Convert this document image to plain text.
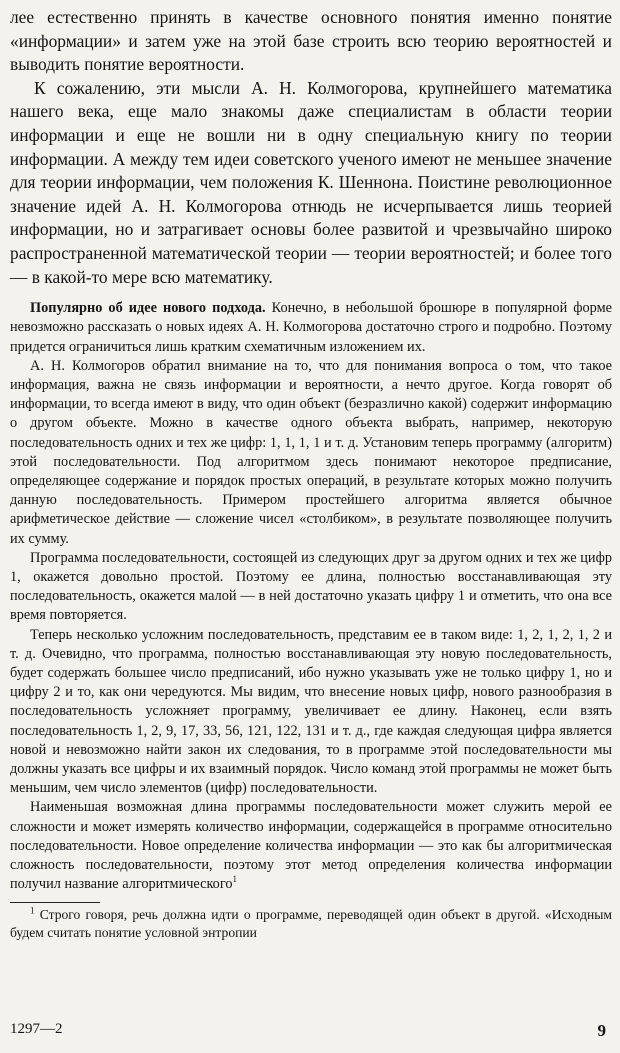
лее естественно принять в качестве основного понятия именно понятие «информации» и затем уже на этой базе строить всю теорию вероятностей и выводить понятие вероятности.

К сожалению, эти мысли А. Н. Колмогорова, крупнейшего математика нашего века, еще мало знакомы даже специалистам в области теории информации и еще не вошли ни в одну специальную книгу по теории информации. А между тем идеи советского ученого имеют не меньшее значение для теории информации, чем положения К. Шеннона. Поистине революционное значение идей А. Н. Колмогорова отнюдь не исчерпывается лишь теорией информации, но и затрагивает основы более развитой и чрезвычайно широко распространенной математической теории — теории вероятностей; и более того — в какой-то мере всю математику.

Популярно об идее нового подхода. Конечно, в небольшой брошюре в популярной форме невозможно рассказать о новых идеях А. Н. Колмогорова достаточно строго и подробно. Поэтому придется ограничиться лишь кратким схематичным изложением их.

А. Н. Колмогоров обратил внимание на то, что для понимания вопроса о том, что такое информация, важна не связь информации и вероятности, а нечто другое. Когда говорят об информации, то всегда имеют в виду, что один объект (безразлично какой) содержит информацию о другом объекте. Можно в качестве одного объекта выбрать, например, некоторую последовательность одних и тех же цифр: 1, 1, 1, 1 и т. д. Установим теперь программу (алгоритм) этой последовательности. Под алгоритмом здесь понимают некоторое предписание, определяющее содержание и порядок простых операций, в результате которых можно получить данную последовательность. Примером простейшего алгоритма является обычное арифметическое действие — сложение чисел «столбиком», в результате позволяющее получить их сумму.

Программа последовательности, состоящей из следующих друг за другом одних и тех же цифр 1, окажется довольно простой. Поэтому ее длина, полностью восстанавливающая эту последовательность, окажется малой — в ней достаточно указать цифру 1 и отметить, что она все время повторяется.

Теперь несколько усложним последовательность, представим ее в таком виде: 1, 2, 1, 2, 1, 2 и т. д. Очевидно, что программа, полностью восстанавливающая эту новую последовательность, будет содержать большее число предписаний, ибо нужно указывать уже не только цифру 1, но и цифру 2 и то, как они чередуются. Мы видим, что внесение новых цифр, нового разнообразия в последовательность усложняет программу, увеличивает ее длину. Наконец, если взять последовательность 1, 2, 9, 17, 33, 56, 121, 122, 131 и т. д., где каждая следующая цифра является новой и невозможно найти закон их следования, то в программе этой последовательности мы должны указать все цифры и их взаимный порядок. Число команд этой программы не может быть меньшим, чем число элементов (цифр) последовательности.

Наименьшая возможная длина программы последовательности может служить мерой ее сложности и может измерять количество информации, содержащейся в программе относительно последовательности. Новое определение количества информации — это как бы алгоритмическая сложность последовательности, поэтому этот метод определения количества информации получил название алгоритмического$^1$

$^1$ Строго говоря, речь должна идти о программе, переводящей один объект в другой. «Исходным будем считать понятие условной энтропии

1297—2	9
